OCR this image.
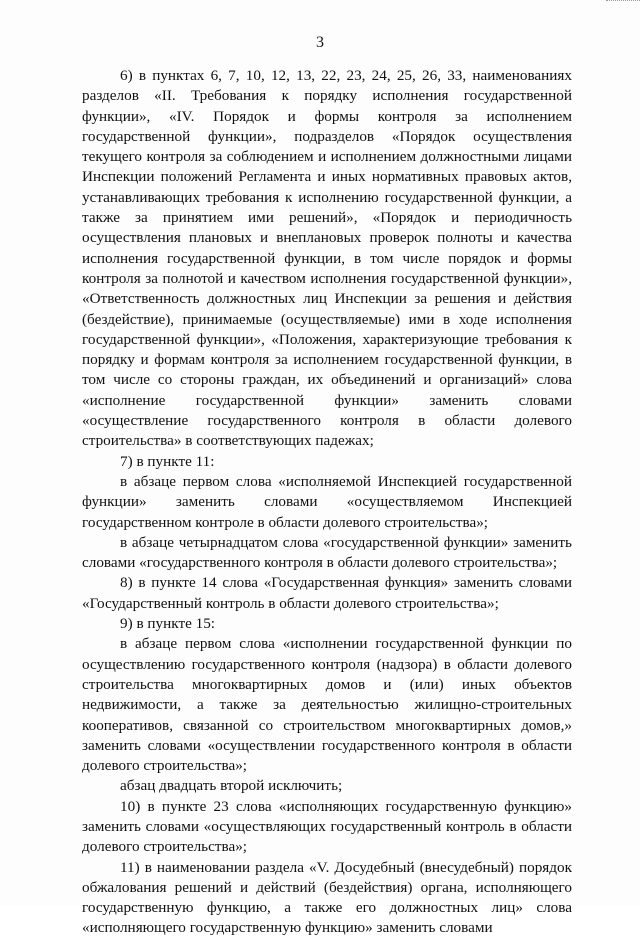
3

6) в пунктах 6, 7, 10, 12, 13, 22, 23, 24, 25, 26, 33, наименованиях разделов «II. Требования к порядку исполнения государственной функции», «IV. Порядок и формы контроля за исполнением государственной функции», подразделов «Порядок осуществления текущего контроля за соблюдением и исполнением должностными лицами Инспекции положений Регламента и иных нормативных правовых актов, устанавливающих требования к исполнению государственной функции, а также за принятием ими решений», «Порядок и периодичность осуществления плановых и внеплановых проверок полноты и качества исполнения государственной функции, в том числе порядок и формы контроля за полнотой и качеством исполнения государственной функции», «Ответственность должностных лиц Инспекции за решения и действия (бездействие), принимаемые (осуществляемые) ими в ходе исполнения государственной функции», «Положения, характеризующие требования к порядку и формам контроля за исполнением государственной функции, в том числе со стороны граждан, их объединений и организаций» слова «исполнение государственной функции» заменить словами «осуществление государственного контроля в области долевого строительства» в соответствующих падежах;

7) в пункте 11:

в абзаце первом слова «исполняемой Инспекцией государственной функции» заменить словами «осуществляемом Инспекцией государственном контроле в области долевого строительства»;

в абзаце четырнадцатом слова «государственной функции» заменить словами «государственного контроля в области долевого строительства»;

8) в пункте 14 слова «Государственная функция» заменить словами «Государственный контроль в области долевого строительства»;

9) в пункте 15:

в абзаце первом слова «исполнении государственной функции по осуществлению государственного контроля (надзора) в области долевого строительства многоквартирных домов и (или) иных объектов недвижимости, а также за деятельностью жилищно-строительных кооперативов, связанной со строительством многоквартирных домов,» заменить словами «осуществлении государственного контроля в области долевого строительства»;

абзац двадцать второй исключить;

10) в пункте 23 слова «исполняющих государственную функцию» заменить словами «осуществляющих государственный контроль в области долевого строительства»;

11) в наименовании раздела «V. Досудебный (внесудебный) порядок обжалования решений и действий (бездействия) органа, исполняющего государственную функцию, а также его должностных лиц» слова «исполняющего государственную функцию» заменить словами
